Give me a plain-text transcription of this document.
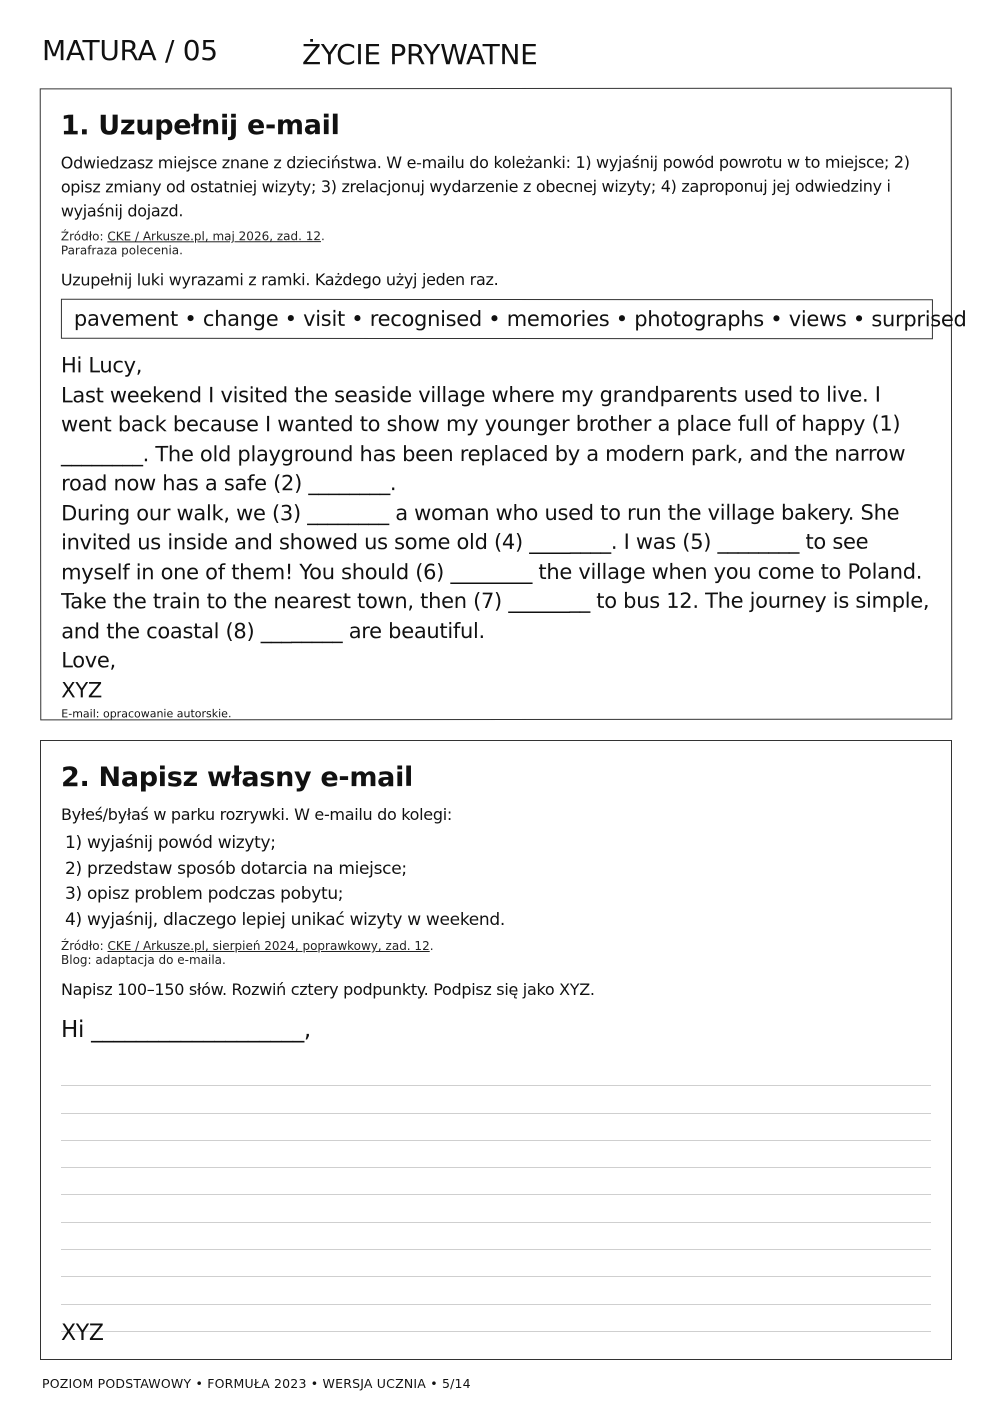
MATURA / 05	ŻYCIE PRYWATNE
1. Uzupełnij e-mail

Odwiedzasz miejsce znane z dzieciństwa. W e-mailu do koleżanki: 1) wyjaśnij powód powrotu w to miejsce; 2) opisz zmiany od ostatniej wizyty; 3) zrelacjonuj wydarzenie z obecnej wizyty; 4) zaproponuj jej odwiedziny i wyjaśnij dojazd.

Źródło: CKE / Arkusze.pl, maj 2026, zad. 12.
Parafraza polecenia.
Uzupełnij luki wyrazami z ramki. Każdego użyj jeden raz.
pavement • change • visit • recognised • memories • photographs • views • surprised

Hi Lucy,

Last weekend I visited the seaside village where my grandparents used to live. I went back because I wanted to show my younger brother a place full of happy (1) ________. The old playground has been replaced by a modern park, and the narrow road now has a safe (2) ________.

During our walk, we (3) ________ a woman who used to run the village bakery. She invited us inside and showed us some old (4) ________. I was (5) ________ to see myself in one of them! You should (6) ________ the village when you come to Poland. Take the train to the nearest town, then (7) ________ to bus 12. The journey is simple, and the coastal (8) ________ are beautiful.

Love,

XYZ

E-mail: opracowanie autorskie.
2. Napisz własny e-mail

Byłeś/byłaś w parku rozrywki. W e-mailu do kolegi:

1) wyjaśnij powód wizyty;
2) przedstaw sposób dotarcia na miejsce;
3) opisz problem podczas pobytu;
4) wyjaśnij, dlaczego lepiej unikać wizyty w weekend.
Źródło: CKE / Arkusze.pl, sierpień 2024, poprawkowy, zad. 12.
Blog: adaptacja do e-maila.
Napisz 100–150 słów. Rozwiń cztery podpunkty. Podpisz się jako XYZ.
Hi ___________________,
XYZ
POZIOM PODSTAWOWY • FORMUŁA 2023 • WERSJA UCZNIA • 5/14
